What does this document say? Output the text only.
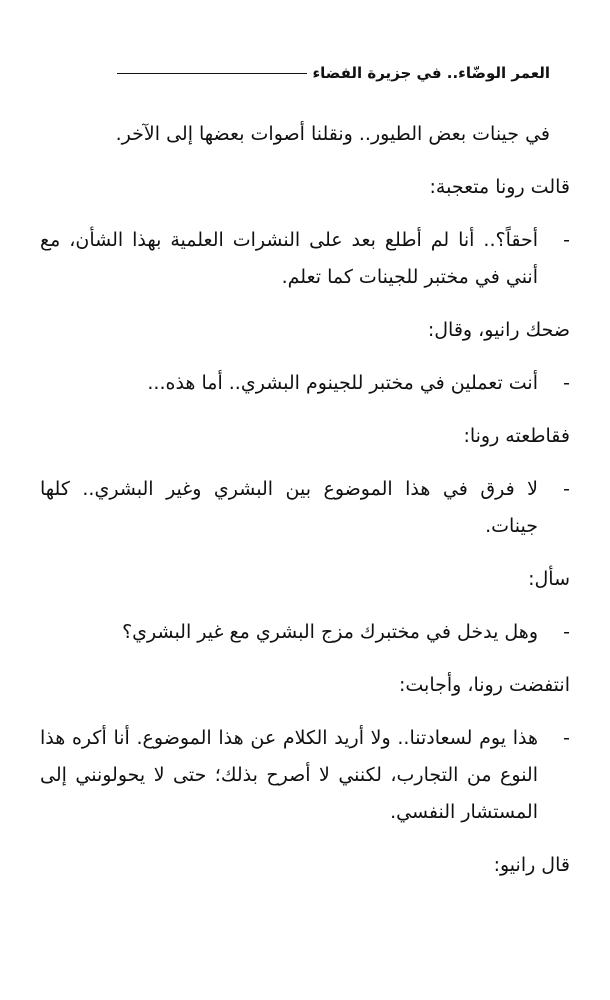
العمر الوضّاء.. في جزيرة الفضاء

في جينات بعض الطيور.. ونقلنا أصوات بعضها إلى الآخر.

قالت رونا متعجبة:

-
أحقاً؟.. أنا لم أطلع بعد على النشرات العلمية بهذا الشأن، مع أنني في مختبر للجينات كما تعلم.

ضحك رانيو، وقال:

-
أنت تعملين في مختبر للجينوم البشري.. أما هذه...

فقاطعته رونا:

-
لا فرق في هذا الموضوع بين البشري وغير البشري.. كلها جينات.

سأل:

-
وهل يدخل في مختبرك مزج البشري مع غير البشري؟

انتفضت رونا، وأجابت:

-
هذا يوم لسعادتنا.. ولا أريد الكلام عن هذا الموضوع. أنا أكره هذا النوع من التجارب، لكنني لا أصرح بذلك؛ حتى لا يحولونني إلى المستشار النفسي.

قال رانيو:
